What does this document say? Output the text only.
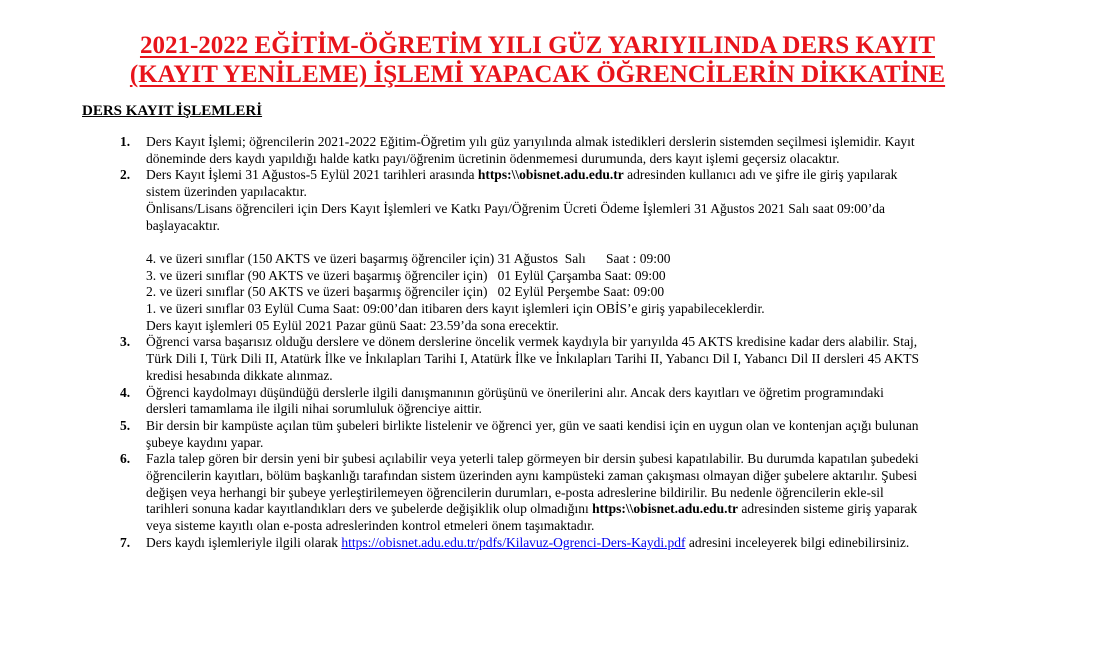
2021-2022 EĞİTİM-ÖĞRETİM YILI GÜZ YARIYILINDA DERS KAYIT
(KAYIT YENİLEME) İŞLEMİ YAPACAK ÖĞRENCİLERİN DİKKATİNE
DERS KAYIT İŞLEMLERİ
1. Ders Kayıt İşlemi; öğrencilerin 2021-2022 Eğitim-Öğretim yılı güz yarıyılında almak istedikleri derslerin sistemden seçilmesi işlemidir. Kayıt
döneminde ders kaydı yapıldığı halde katkı payı/öğrenim ücretinin ödenmemesi durumunda, ders kayıt işlemi geçersiz olacaktır.
2. Ders Kayıt İşlemi 31 Ağustos-5 Eylül 2021 tarihleri arasında https:\\obisnet.adu.edu.tr adresinden kullanıcı adı ve şifre ile giriş yapılarak
sistem üzerinden yapılacaktır.
Önlisans/Lisans öğrencileri için Ders Kayıt İşlemleri ve Katkı Payı/Öğrenim Ücreti Ödeme İşlemleri 31 Ağustos 2021 Salı saat 09:00’da
başlayacaktır.
4. ve üzeri sınıflar (150 AKTS ve üzeri başarmış öğrenciler için) 31 Ağustos  Salı      Saat : 09:00
3. ve üzeri sınıflar (90 AKTS ve üzeri başarmış öğrenciler için)   01 Eylül Çarşamba Saat: 09:00
2. ve üzeri sınıflar (50 AKTS ve üzeri başarmış öğrenciler için)   02 Eylül Perşembe Saat: 09:00
1. ve üzeri sınıflar 03 Eylül Cuma Saat: 09:00’dan itibaren ders kayıt işlemleri için OBİS’e giriş yapabileceklerdir.
Ders kayıt işlemleri 05 Eylül 2021 Pazar günü Saat: 23.59’da sona erecektir.
3. Öğrenci varsa başarısız olduğu derslere ve dönem derslerine öncelik vermek kaydıyla bir yarıyılda 45 AKTS kredisine kadar ders alabilir. Staj,
Türk Dili I, Türk Dili II, Atatürk İlke ve İnkılapları Tarihi I, Atatürk İlke ve İnkılapları Tarihi II, Yabancı Dil I, Yabancı Dil II dersleri 45 AKTS
kredisi hesabında dikkate alınmaz.
4. Öğrenci kaydolmayı düşündüğü derslerle ilgili danışmanının görüşünü ve önerilerini alır. Ancak ders kayıtları ve öğretim programındaki
dersleri tamamlama ile ilgili nihai sorumluluk öğrenciye aittir.
5. Bir dersin bir kampüste açılan tüm şubeleri birlikte listelenir ve öğrenci yer, gün ve saati kendisi için en uygun olan ve kontenjan açığı bulunan
şubeye kaydını yapar.
6. Fazla talep gören bir dersin yeni bir şubesi açılabilir veya yeterli talep görmeyen bir dersin şubesi kapatılabilir. Bu durumda kapatılan şubedeki
öğrencilerin kayıtları, bölüm başkanlığı tarafından sistem üzerinden aynı kampüsteki zaman çakışması olmayan diğer şubelere aktarılır. Şubesi
değişen veya herhangi bir şubeye yerleştirilemeyen öğrencilerin durumları, e-posta adreslerine bildirilir. Bu nedenle öğrencilerin ekle-sil
tarihleri sonuna kadar kayıtlandıkları ders ve şubelerde değişiklik olup olmadığını https:\\obisnet.adu.edu.tr adresinden sisteme giriş yaparak
veya sisteme kayıtlı olan e-posta adreslerinden kontrol etmeleri önem taşımaktadır.
7. Ders kaydı işlemleriyle ilgili olarak https://obisnet.adu.edu.tr/pdfs/Kilavuz-Ogrenci-Ders-Kaydi.pdf adresini inceleyerek bilgi edinebilirsiniz.
